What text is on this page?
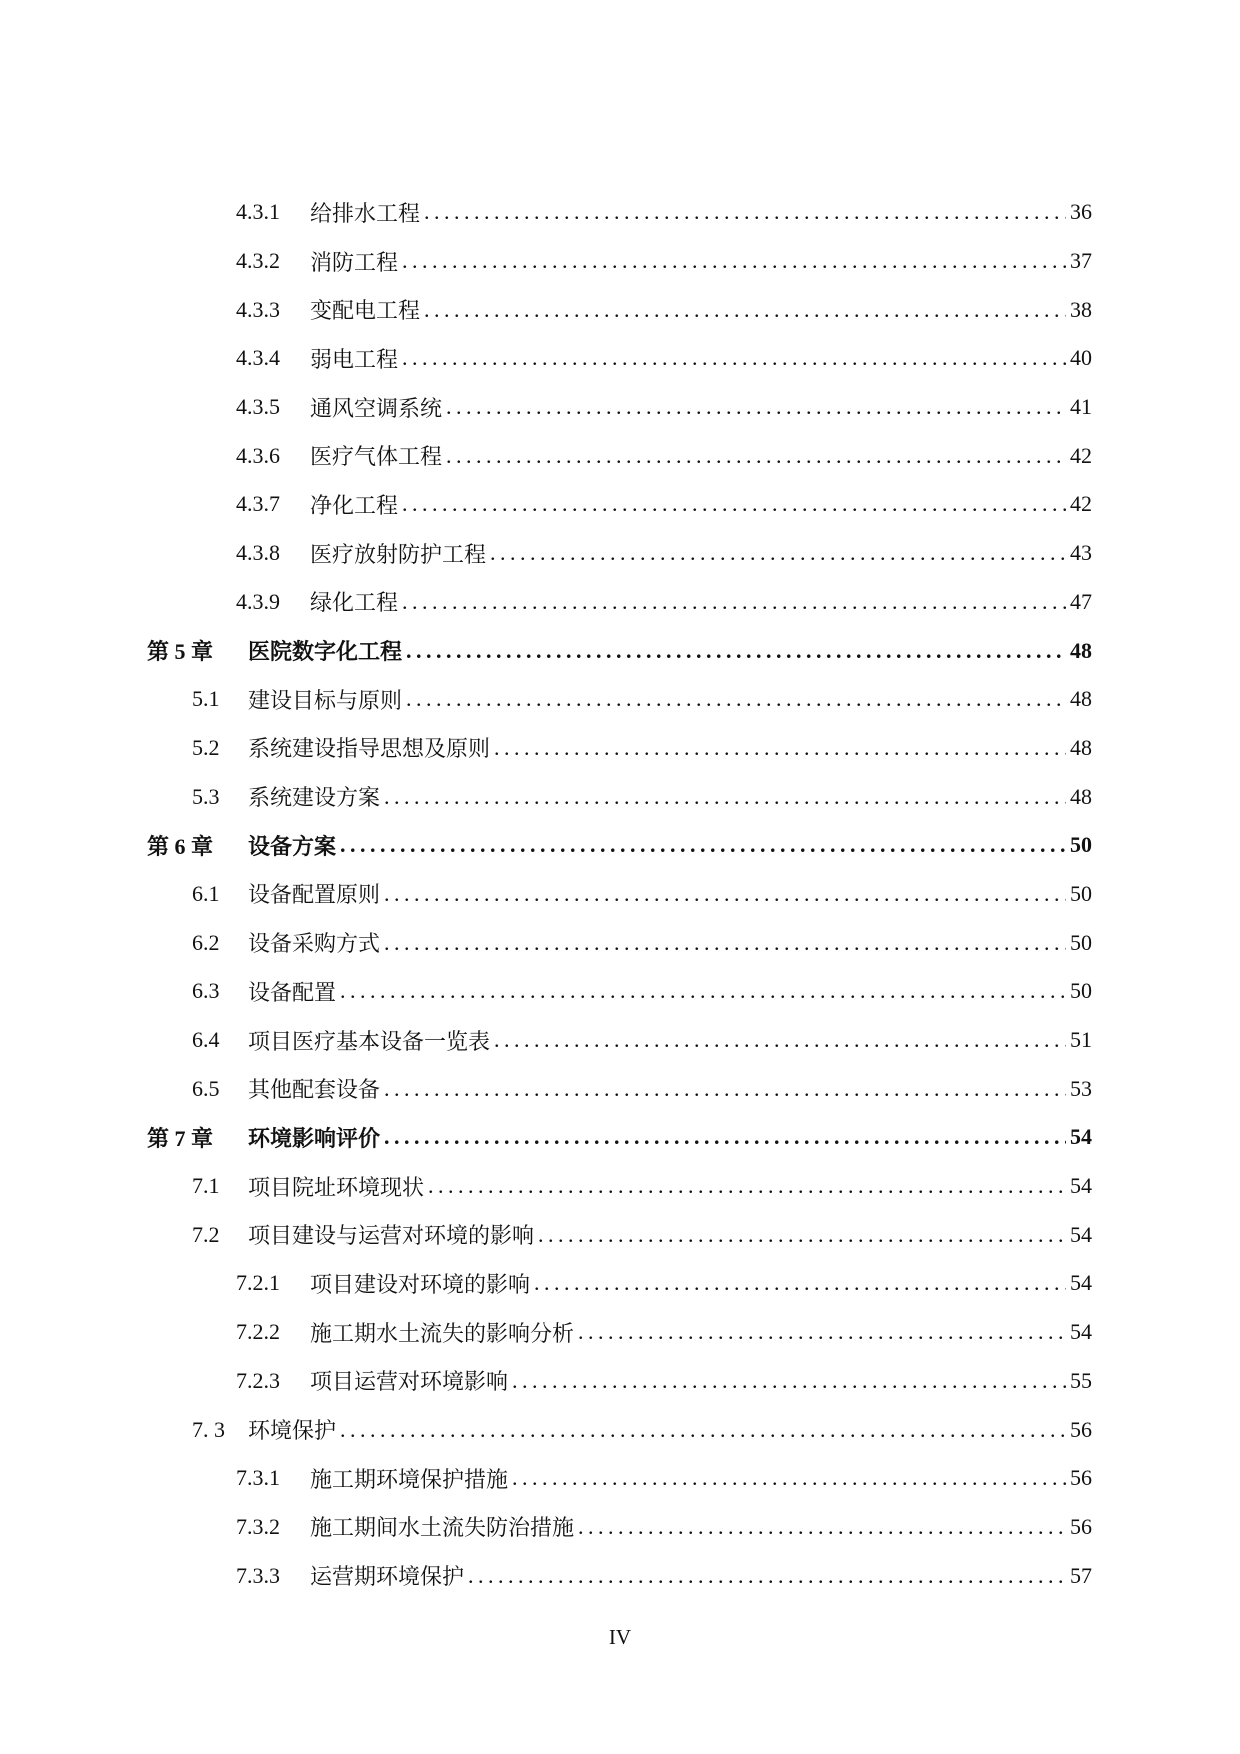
4.3.1 给排水工程 .....	36
4.3.2 消防工程 .....	37
4.3.3 变配电工程 .....	38
4.3.4 弱电工程 .....	40
4.3.5 通风空调系统 .....	41
4.3.6 医疗气体工程 .....	42
4.3.7 净化工程 .....	42
4.3.8 医疗放射防护工程 .....	43
4.3.9 绿化工程 .....	47
第 5 章 医院数字化工程 .....	48
5.1 建设目标与原则 .....	48
5.2 系统建设指导思想及原则 .....	48
5.3 系统建设方案 .....	48
第 6 章 设备方案 .....	50
6.1 设备配置原则 .....	50
6.2 设备采购方式 .....	50
6.3 设备配置 .....	50
6.4 项目医疗基本设备一览表 .....	51
6.5 其他配套设备 .....	53
第 7 章 环境影响评价 .....	54
7.1 项目院址环境现状 .....	54
7.2 项目建设与运营对环境的影响 .....	54
7.2.1 项目建设对环境的影响 .....	54
7.2.2 施工期水土流失的影响分析 .....	54
7.2.3 项目运营对环境影响 .....	55
7. 3 环境保护 .....	56
7.3.1 施工期环境保护措施 .....	56
7.3.2 施工期间水土流失防治措施 .....	56
7.3.3 运营期环境保护 .....	57
IV
